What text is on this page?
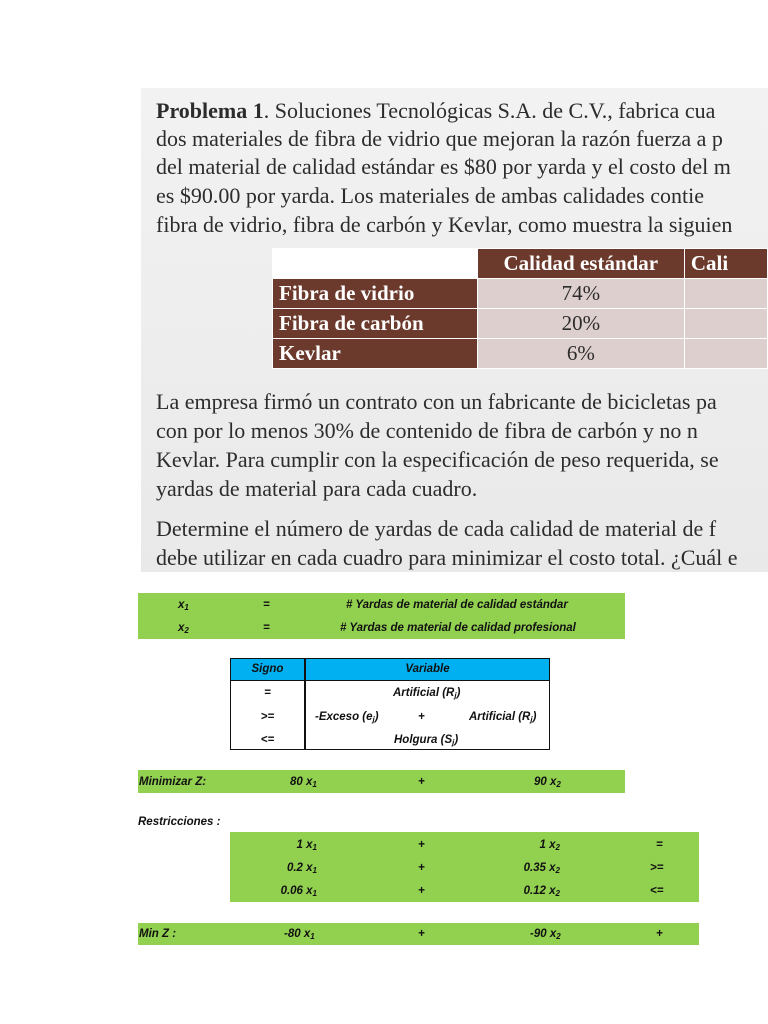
Problema 1. Soluciones Tecnológicas S.A. de C.V., fabrica cua

dos materiales de fibra de vidrio que mejoran la razón fuerza a p

del material de calidad estándar es $80 por yarda y el costo del m

es $90.00 por yarda. Los materiales de ambas calidades contie

fibra de vidrio, fibra de carbón y Kevlar, como muestra la siguien

	Calidad estándar	Cali
Fibra de vidrio	74%	
Fibra de carbón	20%	
Kevlar	6%	

La empresa firmó un contrato con un fabricante de bicicletas pa

con por lo menos 30% de contenido de fibra de carbón y no n

Kevlar. Para cumplir con la especificación de peso requerida, se

yardas de material para cada cuadro.

Determine el número de yardas de cada calidad de material de f

debe utilizar en cada cuadro para minimizar el costo total. ¿Cuál e

$x_1$	=	# Yardas de material de calidad estándar
$x_2$	=	# Yardas de material de calidad profesional
Signo	Variable
=	Artificial $(R_j)$
>=	-Exceso $(e_j)$	+	Artificial $(R_j)$
<=	Holgura $(S_j)$
Minimizar Z:	80 $x_1$	+	90 $x_2$
Restricciones :
1 $x_1$	+	1 $x_2$	=
0.2 $x_1$	+	0.35 $x_2$	>=
0.06 $x_1$	+	0.12 $x_2$	<=
Min Z :	-80 $x_1$	+	-90 $x_2$	+
